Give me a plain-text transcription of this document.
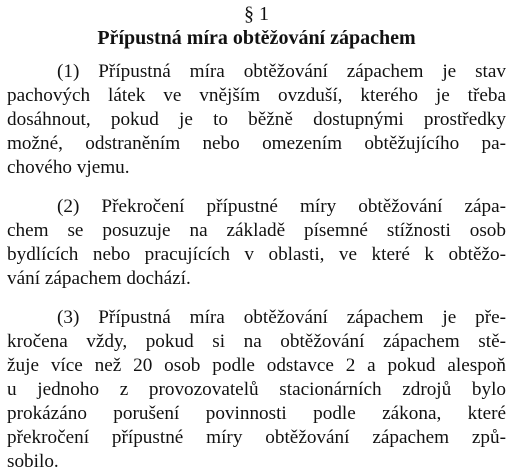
§ 1

Přípustná míra obtěžování zápachem

(1) Přípustná míra obtěžování zápachem je stav
pachových látek ve vnějším ovzduší, kterého je třeba
dosáhnout, pokud je to běžně dostupnými prostředky
možné, odstraněním nebo omezením obtěžujícího pa-
chového vjemu.
(2) Překročení přípustné míry obtěžování zápa-
chem se posuzuje na základě písemné stížnosti osob
bydlících nebo pracujících v oblasti, ve které k obtěžo-
vání zápachem dochází.
(3) Přípustná míra obtěžování zápachem je pře-
kročena vždy, pokud si na obtěžování zápachem stě-
žuje více než 20 osob podle odstavce 2 a pokud alespoň
u jednoho z provozovatelů stacionárních zdrojů bylo
prokázáno porušení povinnosti podle zákona, které
překročení přípustné míry obtěžování zápachem způ-
sobilo.
